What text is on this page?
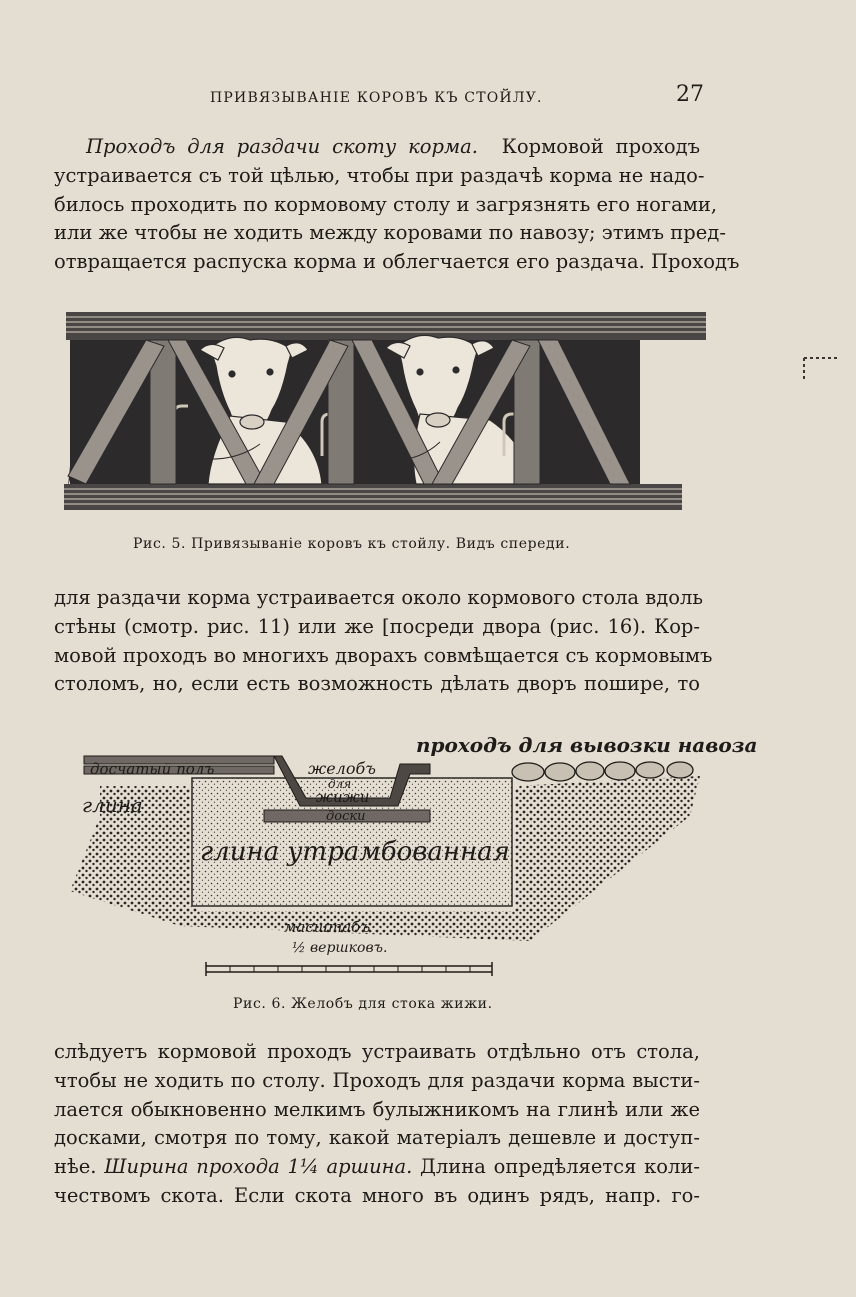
ПРИВЯЗЫВАНІЕ КОРОВЪ КЪ СТОЙЛУ.	27
Проходъ для раздачи скоту корма. Кормовой проходъ
устраивается съ той цѣлью, чтобы при раздачѣ корма не надо-
билось проходить по кормовому столу и загрязнять его ногами,
или же чтобы не ходить между коровами по навозу; этимъ пред-
отвращается распуска корма и облегчается его раздача. Проходъ
Рис. 5. Привязываніе коровъ къ стойлу. Видъ спереди.
для раздачи корма устраивается около кормового стола вдоль
стѣны (смотр. рис. 11) или же [посреди двора (рис. 16). Кор-
мовой проходъ во многихъ дворахъ совмѣщается съ кормовымъ
столомъ, но, если есть возможность дѣлать дворъ пошире, то
проходъ для вывозки навоза
досчатый полъ	желобъ
для
жижи
доски
глина
глина утрамбованная
масштабъ
½ вершковъ.
Рис. 6. Желобъ для стока жижи.
слѣдуетъ кормовой проходъ устраивать отдѣльно отъ стола,
чтобы не ходить по столу. Проходъ для раздачи корма высти-
лается обыкновенно мелкимъ булыжникомъ на глинѣ или же
досками, смотря по тому, какой матеріалъ дешевле и доступ-
нѣе. Ширина прохода 1¼ аршина. Длина опредѣляется коли-
чествомъ скота. Если скота много въ одинъ рядъ, напр. го-
